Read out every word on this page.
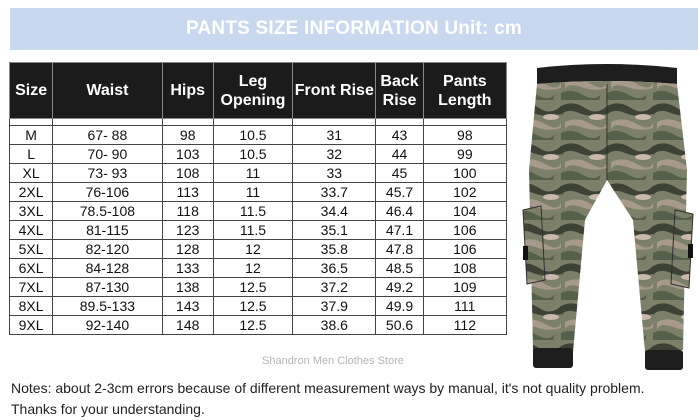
PANTS SIZE INFORMATION Unit: cm
Size	Waist	Hips	Leg Opening	Front Rise	Back Rise	Pants Length

M	67- 88	98	10.5	31	43	98
L	70- 90	103	10.5	32	44	99
XL	73- 93	108	11	33	45	100
2XL	76-106	113	11	33.7	45.7	102
3XL	78.5-108	118	11.5	34.4	46.4	104
4XL	81-115	123	11.5	35.1	47.1	106
5XL	82-120	128	12	35.8	47.8	106
6XL	84-128	133	12	36.5	48.5	108
7XL	87-130	138	12.5	37.2	49.2	109
8XL	89.5-133	143	12.5	37.9	49.9	111
9XL	92-140	148	12.5	38.6	50.6	112
Shandron Men Clothes Store
Notes: about 2-3cm errors because of different measurement ways by manual, it's not quality problem.
Thanks for your understanding.
